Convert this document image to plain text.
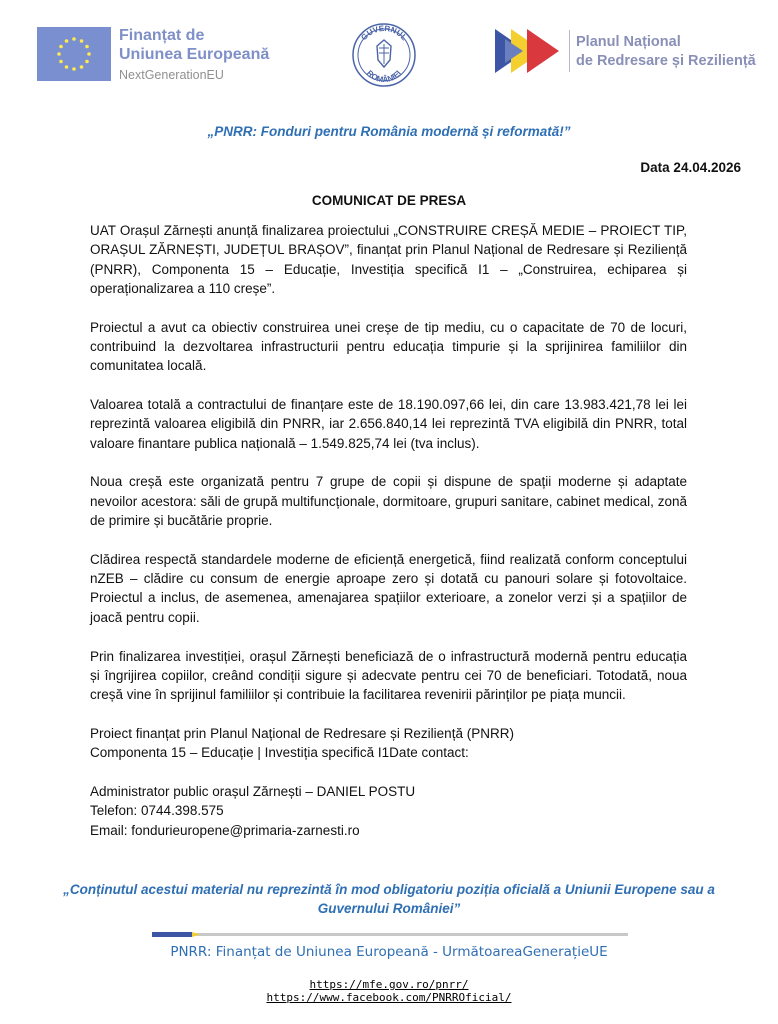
Finanțat de
Uniunea Europeană
NextGenerationEU
GUVERNUL
ROMÂNIEI
Planul Național
de Redresare și Reziliență
„PNRR: Fonduri pentru România modernă și reformată!”
Data 24.04.2026
COMUNICAT DE PRESA

UAT Orașul Zărnești anunță finalizarea proiectului „CONSTRUIRE CREȘĂ MEDIE – PROIECT TIP, ORAȘUL ZĂRNEȘTI, JUDEȚUL BRAȘOV”, finanțat prin Planul Național de Redresare și Reziliență (PNRR), Componenta 15 – Educație, Investiția specifică I1 – „Construirea, echiparea și operaționalizarea a 110 creșe”.

Proiectul a avut ca obiectiv construirea unei creșe de tip mediu, cu o capacitate de 70 de locuri, contribuind la dezvoltarea infrastructurii pentru educația timpurie și la sprijinirea familiilor din comunitatea locală.

Valoarea totală a contractului de finanțare este de 18.190.097,66 lei, din care 13.983.421,78 lei lei reprezintă valoarea eligibilă din PNRR, iar 2.656.840,14 lei reprezintă TVA eligibilă din PNRR, total valoare finantare publica națională – 1.549.825,74 lei (tva inclus).

Noua creșă este organizată pentru 7 grupe de copii și dispune de spații moderne și adaptate nevoilor acestora: săli de grupă multifuncționale, dormitoare, grupuri sanitare, cabinet medical, zonă de primire și bucătărie proprie.

Clădirea respectă standardele moderne de eficiență energetică, fiind realizată conform conceptului nZEB – clădire cu consum de energie aproape zero și dotată cu panouri solare și fotovoltaice. Proiectul a inclus, de asemenea, amenajarea spațiilor exterioare, a zonelor verzi și a spațiilor de joacă pentru copii.

Prin finalizarea investiției, orașul Zărnești beneficiază de o infrastructură modernă pentru educația și îngrijirea copiilor, creând condiții sigure și adecvate pentru cei 70 de beneficiari. Totodată, noua creșă vine în sprijinul familiilor și contribuie la facilitarea revenirii părinților pe piața muncii.

Proiect finanțat prin Planul Național de Redresare și Reziliență (PNRR)
Componenta 15 – Educație | Investiția specifică I1Date contact:

Administrator public orașul Zărnești – DANIEL POSTU
Telefon: 0744.398.575
Email: fondurieuropene@primaria-zarnesti.ro

„Conținutul acestui material nu reprezintă în mod obligatoriu poziția oficială a Uniunii Europene sau a Guvernului României”
PNRR: Finanțat de Uniunea Europeană - UrmătoareaGenerațieUE
https://mfe.gov.ro/pnrr/
https://www.facebook.com/PNRROficial/
